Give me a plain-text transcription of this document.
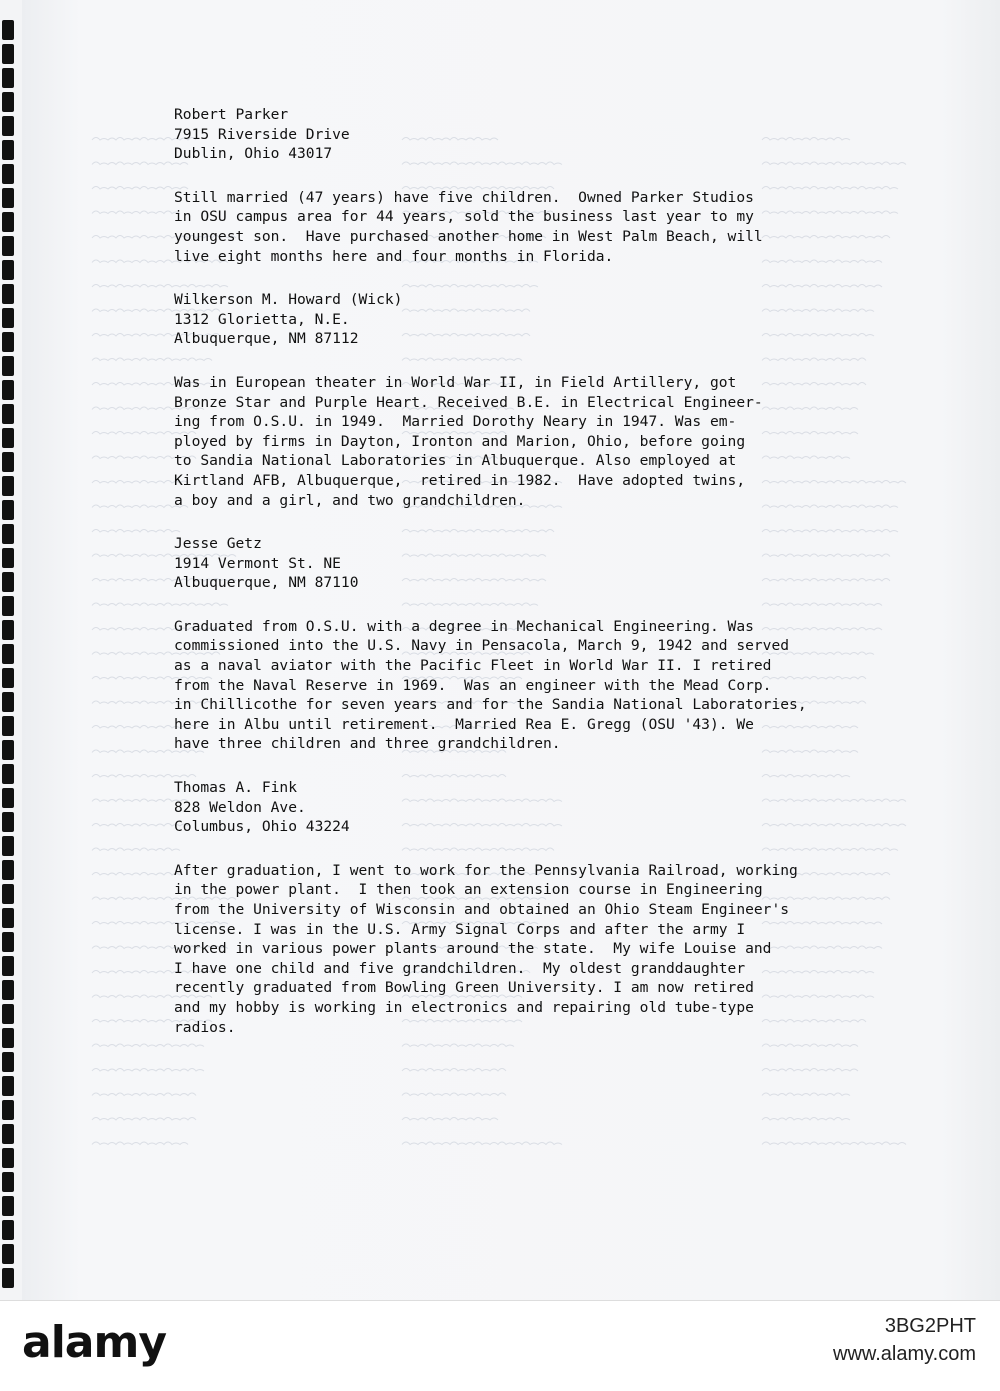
Robert Parker
7915 Riverside Drive
Dublin, Ohio 43017
Still married (47 years) have five children.  Owned Parker Studios
in OSU campus area for 44 years, sold the business last year to my
youngest son.  Have purchased another home in West Palm Beach, will
live eight months here and four months in Florida.
Wilkerson M. Howard (Wick)
1312 Glorietta, N.E.
Albuquerque, NM 87112
Was in European theater in World War II, in Field Artillery, got
Bronze Star and Purple Heart. Received B.E. in Electrical Engineer-
ing from O.S.U. in 1949.  Married Dorothy Neary in 1947. Was em-
ployed by firms in Dayton, Ironton and Marion, Ohio, before going
to Sandia National Laboratories in Albuquerque. Also employed at
Kirtland AFB, Albuquerque,  retired in 1982.  Have adopted twins,
a boy and a girl, and two grandchildren.
Jesse Getz
1914 Vermont St. NE
Albuquerque, NM 87110
Graduated from O.S.U. with a degree in Mechanical Engineering. Was
commissioned into the U.S. Navy in Pensacola, March 9, 1942 and served
as a naval aviator with the Pacific Fleet in World War II. I retired
from the Naval Reserve in 1969.  Was an engineer with the Mead Corp.
in Chillicothe for seven years and for the Sandia National Laboratories,
here in Albu until retirement.  Married Rea E. Gregg (OSU '43). We
have three children and three grandchildren.
Thomas A. Fink
828 Weldon Ave.
Columbus, Ohio 43224
After graduation, I went to work for the Pennsylvania Railroad, working
in the power plant.  I then took an extension course in Engineering
from the University of Wisconsin and obtained an Ohio Steam Engineer's
license. I was in the U.S. Army Signal Corps and after the army I
worked in various power plants around the state.  My wife Louise and
I have one child and five grandchildren.  My oldest granddaughter
recently graduated from Bowling Green University. I am now retired
and my hobby is working in electronics and repairing old tube-type
radios.
alamy	3BG2PHT
www.alamy.com
